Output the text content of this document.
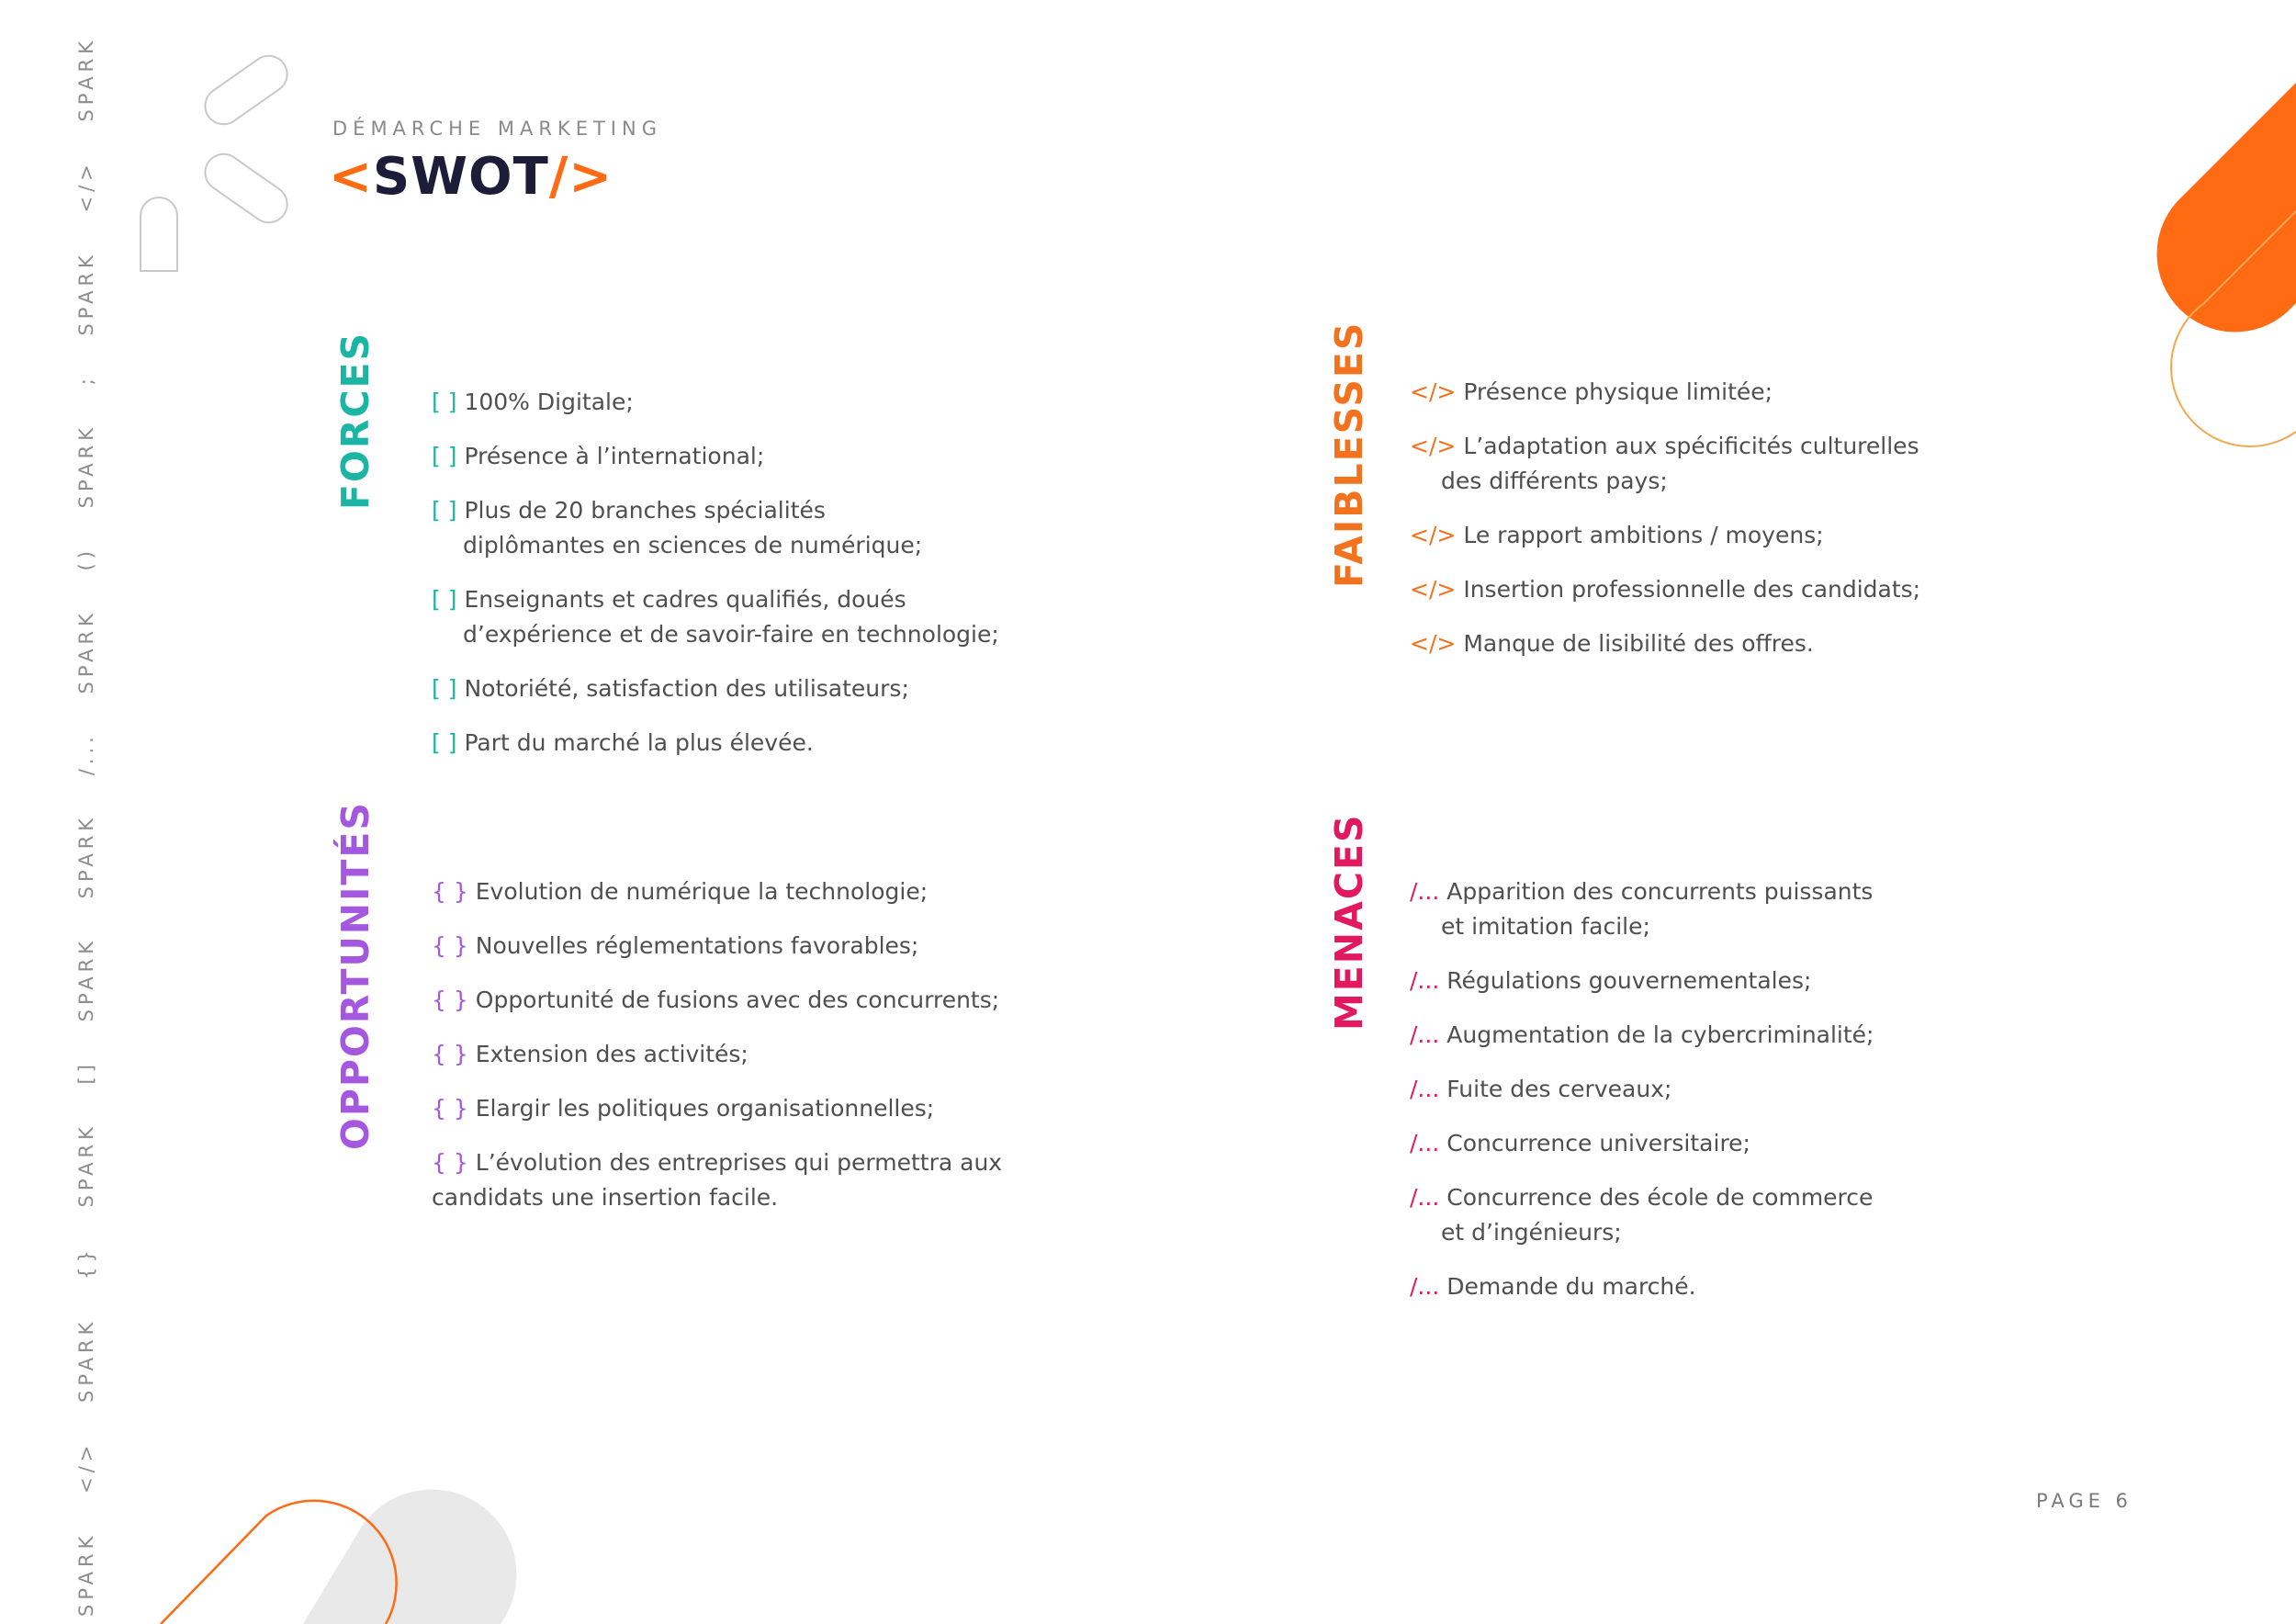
SPARK
</>
SPARK
{}
SPARK
[]
SPARK
SPARK
/...
SPARK
()
SPARK
;
SPARK
</>
SPARK
DÉMARCHE MARKETING
<SWOT/>
FORCES	FAIBLESSES
OPPORTUNITÉS	MENACES
[ ] 100% Digitale;
[ ] Présence à l’international;
[ ] Plus de 20 branches spécialités
diplômantes en sciences de numérique;
[ ] Enseignants et cadres qualifiés, doués
d’expérience et de savoir-faire en technologie;
[ ] Notoriété, satisfaction des utilisateurs;
[ ] Part du marché la plus élevée.
</> Présence physique limitée;
</> L’adaptation aux spécificités culturelles
des différents pays;
</> Le rapport ambitions / moyens;
</> Insertion professionnelle des candidats;
</> Manque de lisibilité des offres.
{ } Evolution de numérique la technologie;
{ } Nouvelles réglementations favorables;
{ } Opportunité de fusions avec des concurrents;
{ } Extension des activités;
{ } Elargir les politiques organisationnelles;
{ } L’évolution des entreprises qui permettra aux
candidats une insertion facile.
/... Apparition des concurrents puissants
et imitation facile;
/... Régulations gouvernementales;
/... Augmentation de la cybercriminalité;
/... Fuite des cerveaux;
/... Concurrence universitaire;
/... Concurrence des école de commerce
et d’ingénieurs;
/... Demande du marché.
PAGE 6
